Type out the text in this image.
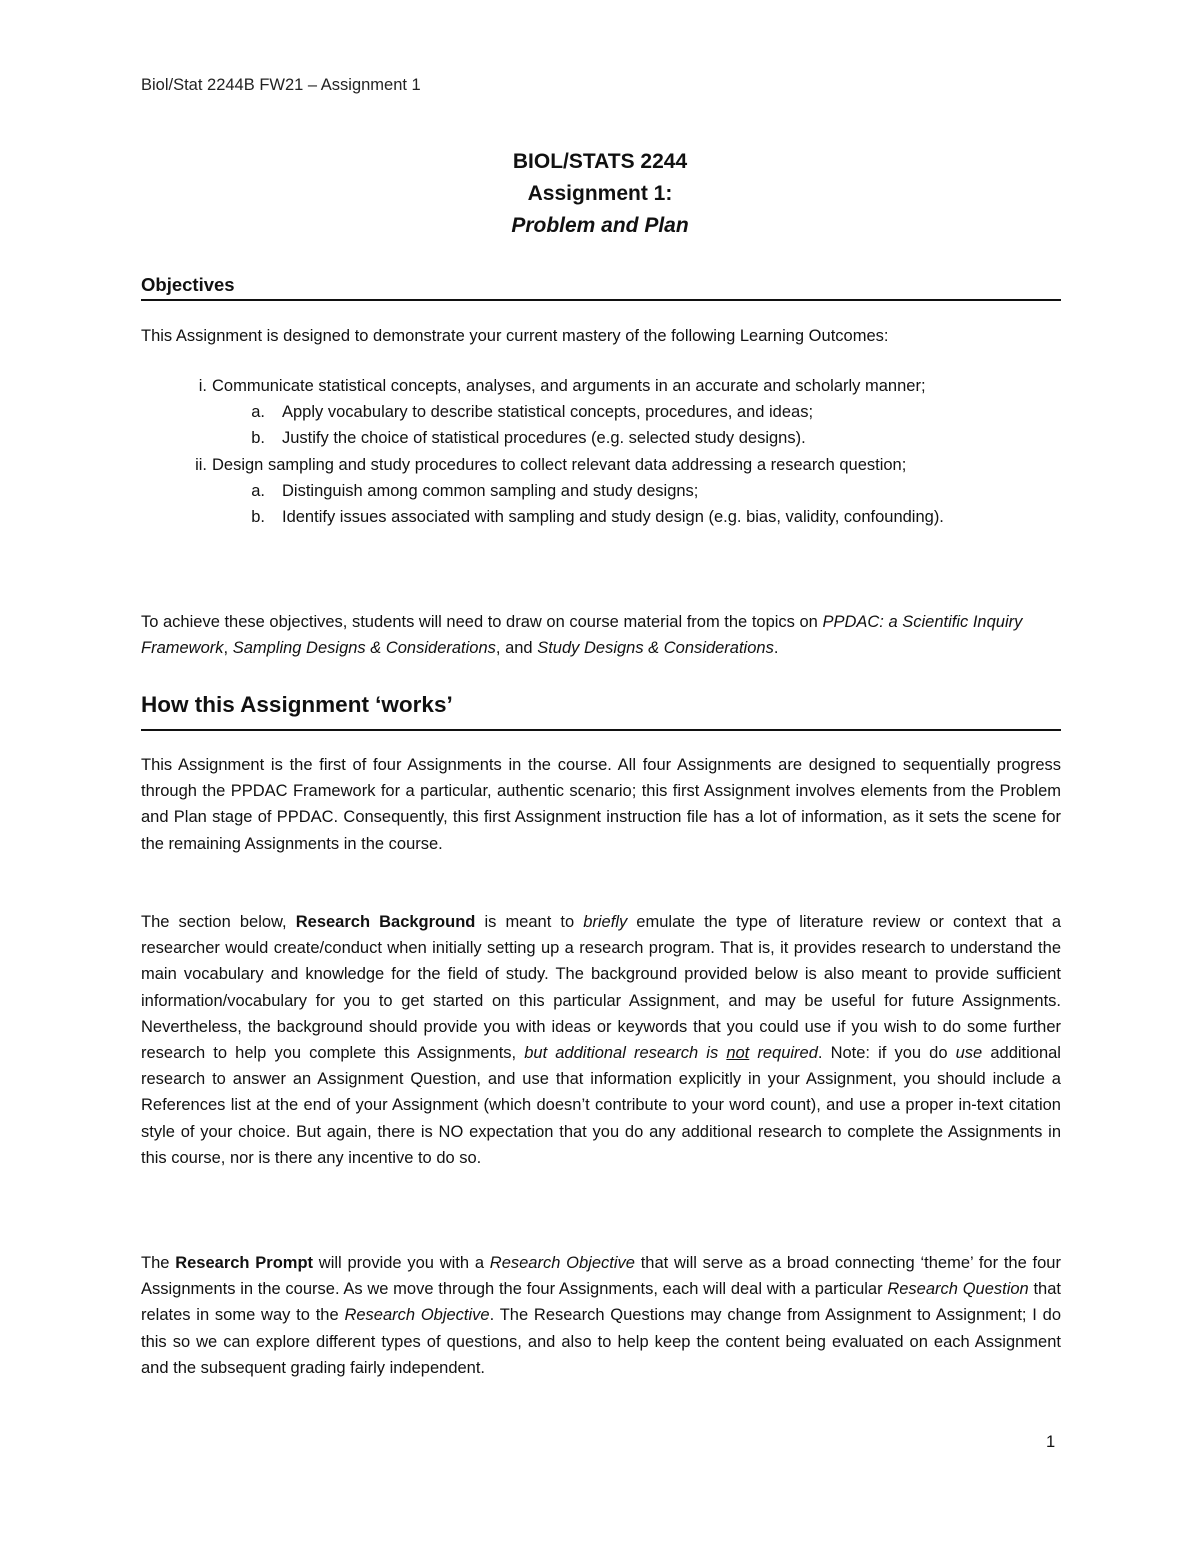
Biol/Stat 2244B FW21 – Assignment 1
BIOL/STATS 2244
Assignment 1:
Problem and Plan
Objectives
This Assignment is designed to demonstrate your current mastery of the following Learning Outcomes:
i. Communicate statistical concepts, analyses, and arguments in an accurate and scholarly manner;
a. Apply vocabulary to describe statistical concepts, procedures, and ideas;
b. Justify the choice of statistical procedures (e.g. selected study designs).
ii. Design sampling and study procedures to collect relevant data addressing a research question;
a. Distinguish among common sampling and study designs;
b. Identify issues associated with sampling and study design (e.g. bias, validity, confounding).
To achieve these objectives, students will need to draw on course material from the topics on PPDAC: a Scientific Inquiry Framework, Sampling Designs & Considerations, and Study Designs & Considerations.
How this Assignment ‘works’
This Assignment is the first of four Assignments in the course. All four Assignments are designed to sequentially progress through the PPDAC Framework for a particular, authentic scenario; this first Assignment involves elements from the Problem and Plan stage of PPDAC. Consequently, this first Assignment instruction file has a lot of information, as it sets the scene for the remaining Assignments in the course.
The section below, Research Background is meant to briefly emulate the type of literature review or context that a researcher would create/conduct when initially setting up a research program. That is, it provides research to understand the main vocabulary and knowledge for the field of study. The background provided below is also meant to provide sufficient information/vocabulary for you to get started on this particular Assignment, and may be useful for future Assignments. Nevertheless, the background should provide you with ideas or keywords that you could use if you wish to do some further research to help you complete this Assignments, but additional research is not required. Note: if you do use additional research to answer an Assignment Question, and use that information explicitly in your Assignment, you should include a References list at the end of your Assignment (which doesn’t contribute to your word count), and use a proper in-text citation style of your choice. But again, there is NO expectation that you do any additional research to complete the Assignments in this course, nor is there any incentive to do so.
The Research Prompt will provide you with a Research Objective that will serve as a broad connecting ‘theme’ for the four Assignments in the course. As we move through the four Assignments, each will deal with a particular Research Question that relates in some way to the Research Objective. The Research Questions may change from Assignment to Assignment; I do this so we can explore different types of questions, and also to help keep the content being evaluated on each Assignment and the subsequent grading fairly independent.
1
